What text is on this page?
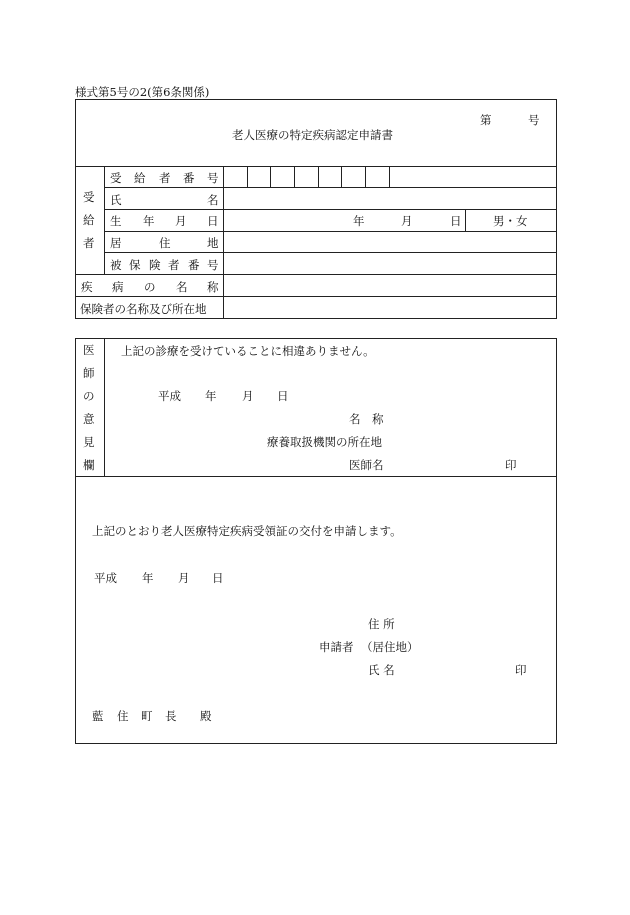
様式第5号の2(第6条関係)
第	号
老人医療の特定疾病認定申請書
受
給
者
受 給 者 番 号
氏	名
生 年 月 日	年	月	日	男・女
居	住	地
被 保 険 者 番 号
疾 病 の 名 称
保険者の名称及び所在地
医
師
の
意
見
欄
上記の診療を受けていることに相違ありません。
平成 年 月 日
名　称
療養取扱機関の所在地
医師名	印
上記のとおり老人医療特定疾病受領証の交付を申請します。
平成 年 月 日
住 所
申請者 （居住地）
氏 名	印
藍 住 町 長 殿
